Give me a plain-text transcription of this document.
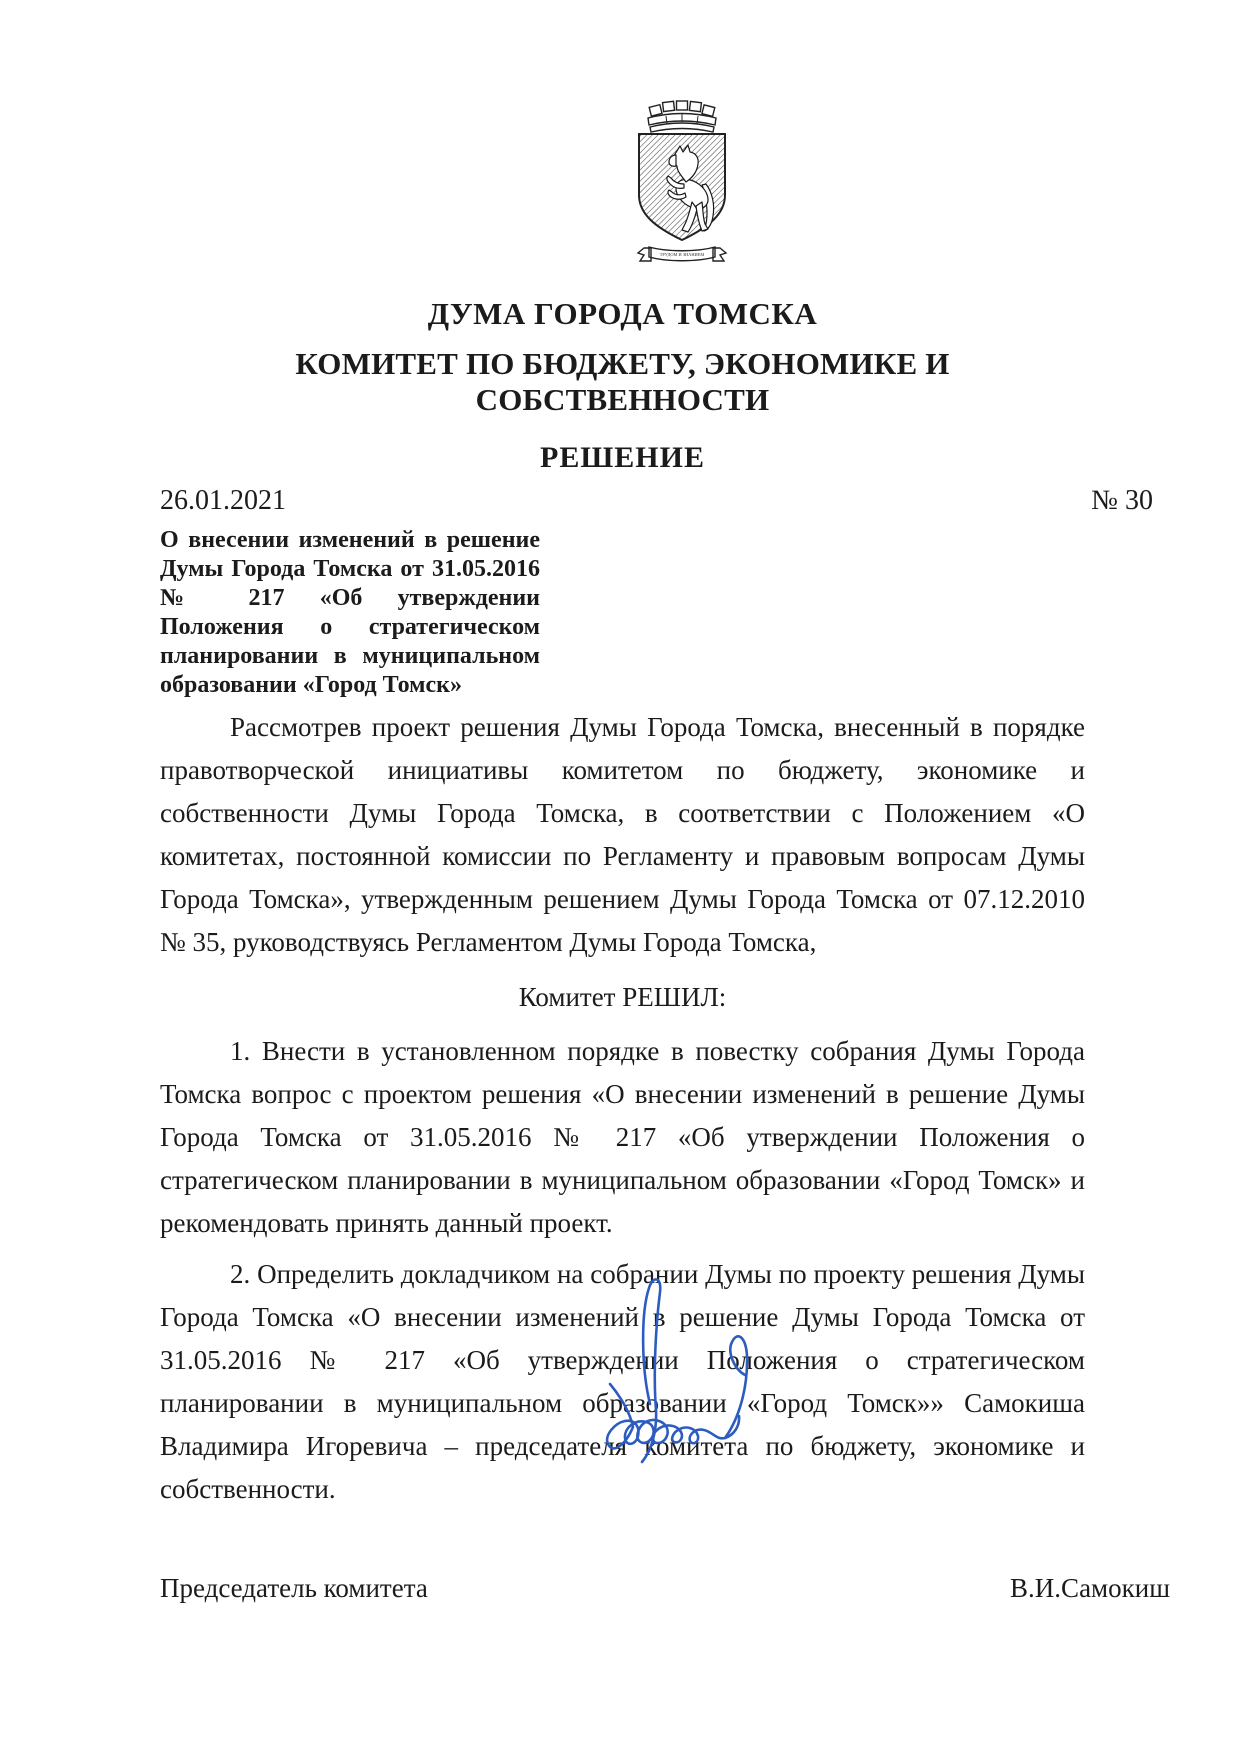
ТРУДОМ И ЗНАНИЕМ
ДУМА ГОРОДА ТОМСКА
КОМИТЕТ ПО БЮДЖЕТУ, ЭКОНОМИКЕ И СОБСТВЕННОСТИ
РЕШЕНИЕ
26.01.2021	№ 30
О внесении изменений в решение Думы Города Томска от 31.05.2016 № 217 «Об утверждении Положения о стратегическом планировании в муниципальном образовании «Город Томск»

Рассмотрев проект решения Думы Города Томска, внесенный в порядке правотворческой инициативы комитетом по бюджету, экономике и собственности Думы Города Томска, в соответствии с Положением «О комитетах, постоянной комиссии по Регламенту и правовым вопросам Думы Города Томска», утвержденным решением Думы Города Томска от 07.12.2010 № 35, руководствуясь Регламентом Думы Города Томска,

Комитет РЕШИЛ:

1. Внести в установленном порядке в повестку собрания Думы Города Томска вопрос с проектом решения «О внесении изменений в решение Думы Города Томска от 31.05.2016 № 217 «Об утверждении Положения о стратегическом планировании в муниципальном образовании «Город Томск» и рекомендовать принять данный проект.

2. Определить докладчиком на собрании Думы по проекту решения Думы Города Томска «О внесении изменений в решение Думы Города Томска от 31.05.2016 № 217 «Об утверждении Положения о стратегическом планировании в муниципальном образовании «Город Томск»» Самокиша Владимира Игоревича – председателя комитета по бюджету, экономике и собственности.

Председатель комитета	В.И.Самокиш
